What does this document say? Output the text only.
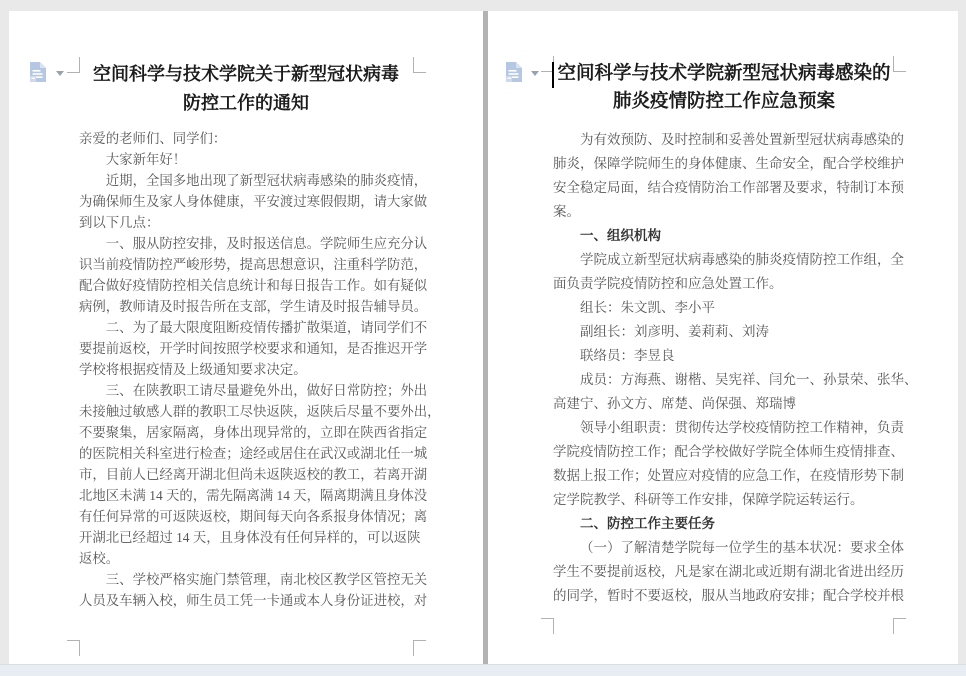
空间科学与技术学院关于新型冠状病毒
防控工作的通知
亲爱的老师们、同学们：
大家新年好！
近期，全国多地出现了新型冠状病毒感染的肺炎疫情，
为确保师生及家人身体健康，平安渡过寒假假期，请大家做
到以下几点：
一、服从防控安排，及时报送信息。学院师生应充分认
识当前疫情防控严峻形势，提高思想意识，注重科学防范，
配合做好疫情防控相关信息统计和每日报告工作。如有疑似
病例，教师请及时报告所在支部，学生请及时报告辅导员。
二、为了最大限度阻断疫情传播扩散渠道，请同学们不
要提前返校，开学时间按照学校要求和通知，是否推迟开学
学校将根据疫情及上级通知要求决定。
三、在陕教职工请尽量避免外出，做好日常防控；外出
未接触过敏感人群的教职工尽快返陕，返陕后尽量不要外出，
不要聚集，居家隔离，身体出现异常的，立即在陕西省指定
的医院相关科室进行检查；途经或居住在武汉或湖北任一城
市，目前人已经离开湖北但尚未返陕返校的教工，若离开湖
北地区未满 14 天的，需先隔离满 14 天，隔离期满且身体没
有任何异常的可返陕返校，期间每天向各系报身体情况；离
开湖北已经超过 14 天，且身体没有任何异样的，可以返陕
返校。
三、学校严格实施门禁管理，南北校区教学区管控无关
人员及车辆入校，师生员工凭一卡通或本人身份证进校，对
空间科学与技术学院新型冠状病毒感染的
肺炎疫情防控工作应急预案
为有效预防、及时控制和妥善处置新型冠状病毒感染的
肺炎，保障学院师生的身体健康、生命安全，配合学校维护
安全稳定局面，结合疫情防治工作部署及要求，特制订本预
案。
一、组织机构
学院成立新型冠状病毒感染的肺炎疫情防控工作组，全
面负责学院疫情防控和应急处置工作。
组长：朱文凯、李小平
副组长：刘彦明、姜莉莉、刘涛
联络员：李昱良
成员：方海燕、谢楷、吴宪祥、闫允一、孙景荣、张华、
高建宁、孙文方、席楚、尚保强、郑瑞博
领导小组职责：贯彻传达学校疫情防控工作精神，负责
学院疫情防控工作；配合学校做好学院全体师生疫情排查、
数据上报工作；处置应对疫情的应急工作，在疫情形势下制
定学院教学、科研等工作安排，保障学院运转运行。
二、防控工作主要任务
（一）了解清楚学院每一位学生的基本状况：要求全体
学生不要提前返校，凡是家在湖北或近期有湖北省进出经历
的同学，暂时不要返校，服从当地政府安排；配合学校并根
